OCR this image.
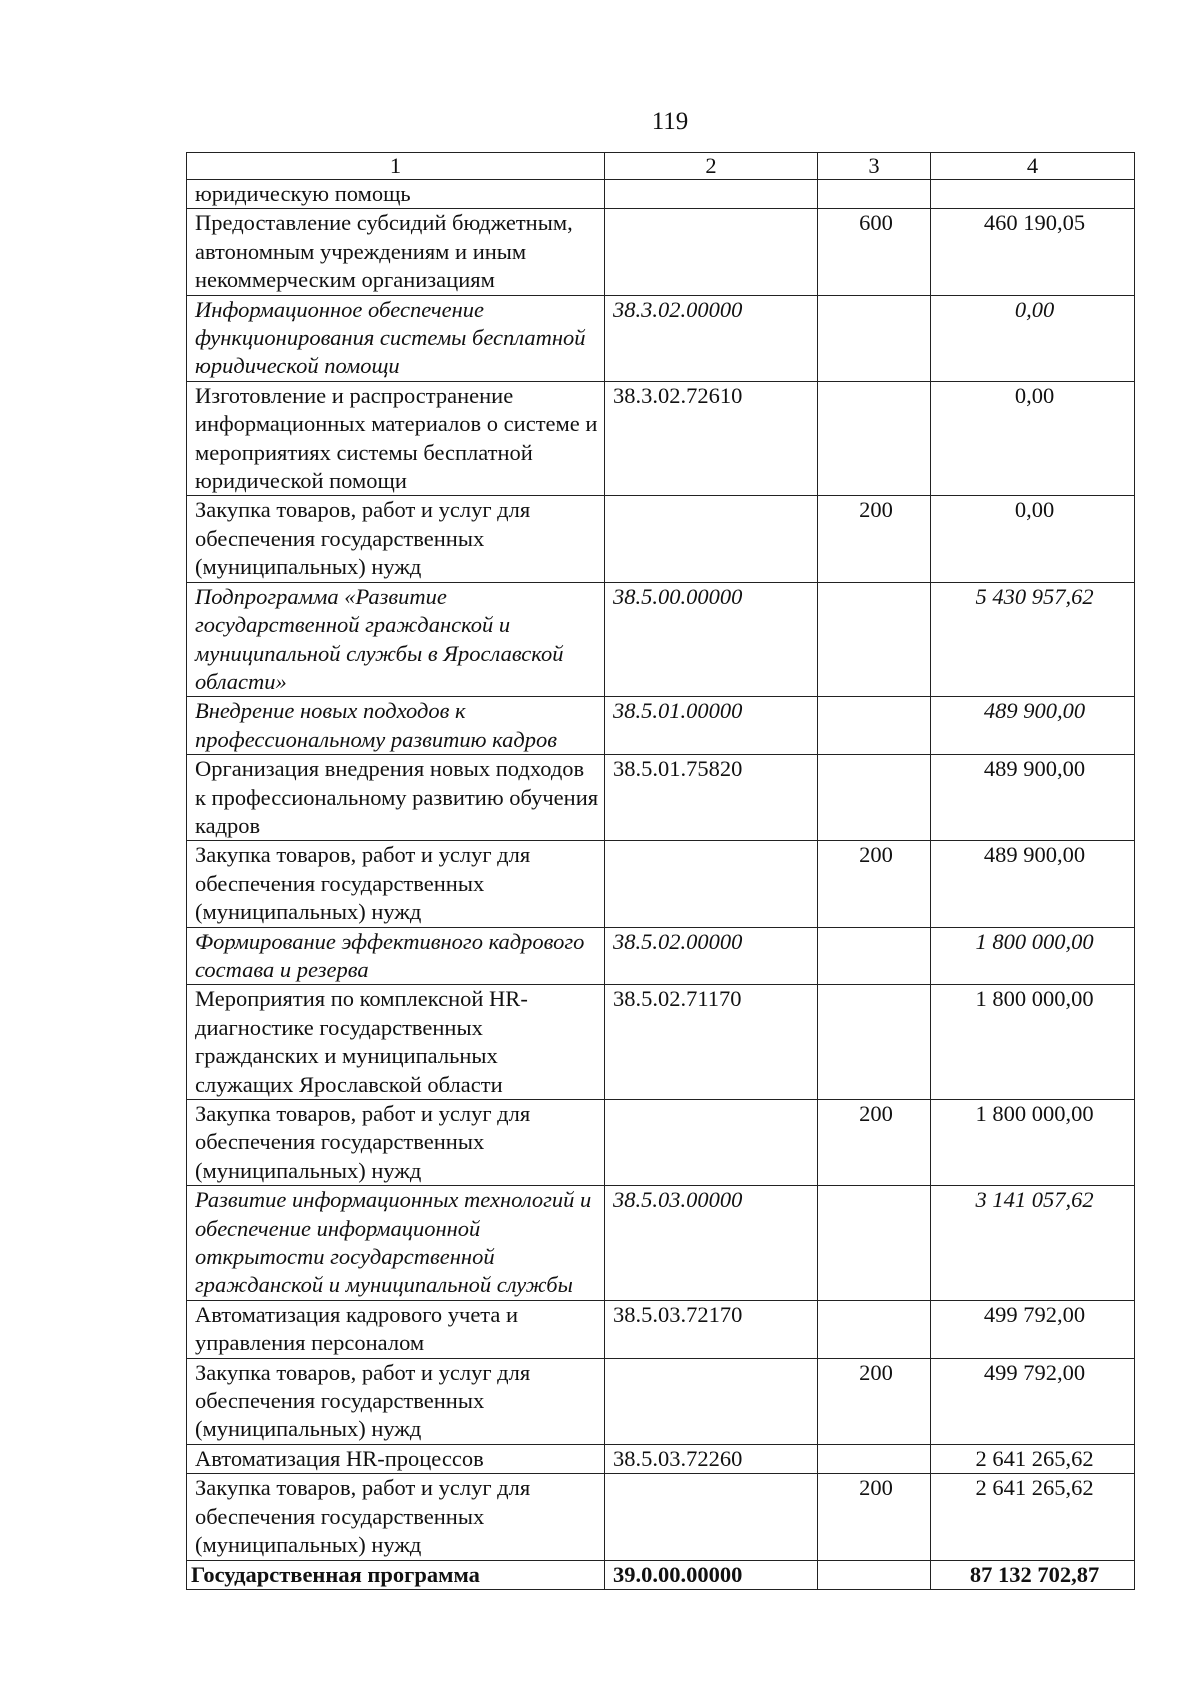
119
1	2	3	4
юридическую помощь			
Предоставление субсидий бюджетным, автономным учреждениям и иным некоммерческим организациям		600	460 190,05
Информационное обеспечение функционирования системы бесплатной юридической помощи	38.3.02.00000		0,00
Изготовление и распространение информационных материалов о системе и мероприятиях системы бесплатной юридической помощи	38.3.02.72610		0,00
Закупка товаров, работ и услуг для обеспечения государственных (муниципальных) нужд		200	0,00
Подпрограмма «Развитие государственной гражданской и муниципальной службы в Ярославской области»	38.5.00.00000		5 430 957,62
Внедрение новых подходов к профессиональному развитию кадров	38.5.01.00000		489 900,00
Организация внедрения новых подходов к профессиональному развитию обучения кадров	38.5.01.75820		489 900,00
Закупка товаров, работ и услуг для обеспечения государственных (муниципальных) нужд		200	489 900,00
Формирование эффективного кадрового состава и резерва	38.5.02.00000		1 800 000,00
Мероприятия по комплексной HR-диагностике государственных гражданских и муниципальных служащих Ярославской области	38.5.02.71170		1 800 000,00
Закупка товаров, работ и услуг для обеспечения государственных (муниципальных) нужд		200	1 800 000,00
Развитие информационных технологий и обеспечение информационной открытости государственной гражданской и муниципальной службы	38.5.03.00000		3 141 057,62
Автоматизация кадрового учета и управления персоналом	38.5.03.72170		499 792,00
Закупка товаров, работ и услуг для обеспечения государственных (муниципальных) нужд		200	499 792,00
Автоматизация HR-процессов	38.5.03.72260		2 641 265,62
Закупка товаров, работ и услуг для обеспечения государственных (муниципальных) нужд		200	2 641 265,62
Государственная программа	39.0.00.00000		87 132 702,87
